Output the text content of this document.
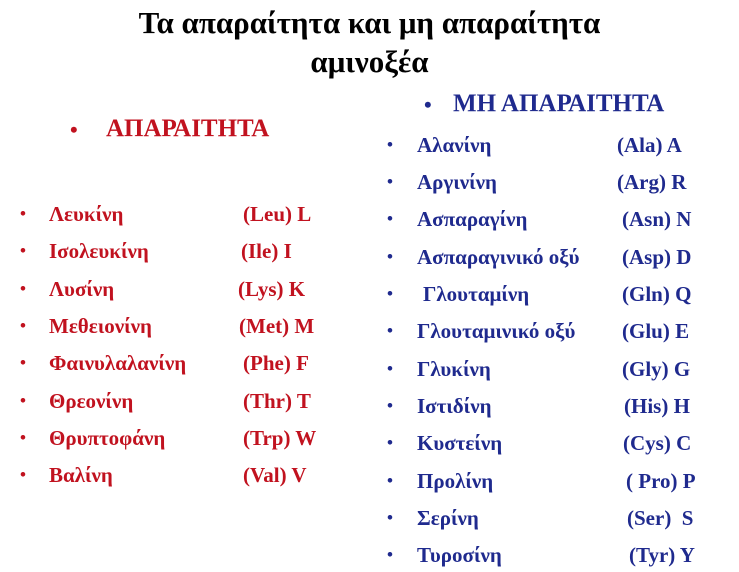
Τα απαραίτητα και μη απαραίτητα
αμινοξέα
• ΑΠΑΡΑΙΤΗΤΑ
• ΜΗ ΑΠΑΡΑΙΤΗΤΑ
• Λευκίνη	(Leu) L
• Ισολευκίνη	(Ile) I
• Λυσίνη	(Lys) K
• Μεθειονίνη	(Met) M
• Φαινυλαλανίνη	(Phe) F
• Θρεονίνη	(Thr) T
• Θρυπτοφάνη	(Trp) W
• Βαλίνη	(Val) V
• Αλανίνη	(Ala) A
• Αργινίνη	(Arg) R
• Ασπαραγίνη	(Asn) N
• Ασπαραγινικό οξύ (Asp) D
• Γλουταμίνη	(Gln) Q
• Γλουταμινικό οξύ (Glu) E
• Γλυκίνη	(Gly) G
• Ιστιδίνη	(His) H
• Κυστείνη	(Cys) C
• Προλίνη	( Pro) P
• Σερίνη	(Ser)  S
• Τυροσίνη	(Tyr) Y
